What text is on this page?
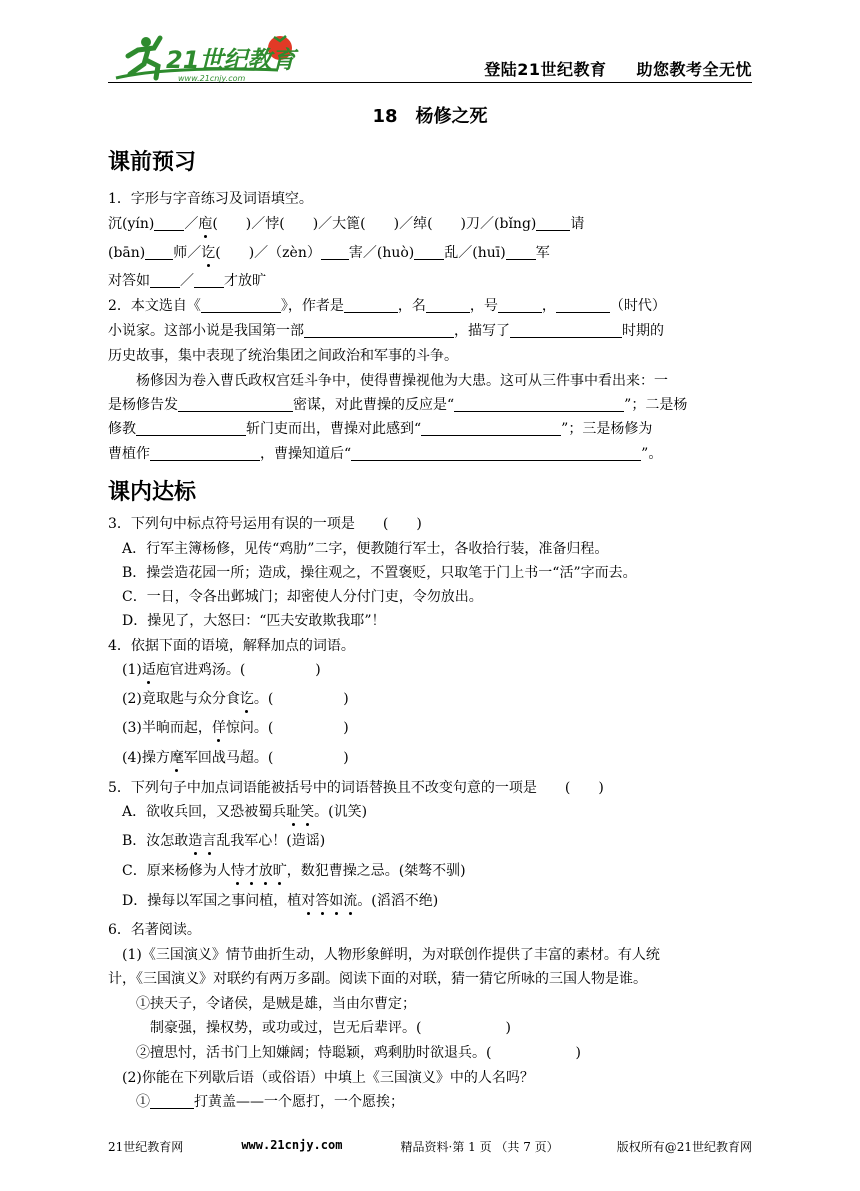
21世纪教育
www.21cnjy.com	登陆21世纪教育 助您教考全无忧
18　杨修之死
课前预习
1．字形与字音练习及词语填空。
沉(yín) ／庖(　　)／悖(　　)／大篦(　　)／绰(　　)刀／(bǐng) 请
(bān) 师／讫(　　)／（zèn） 害／(huò) 乱／(huī) 军
对答如 ／ 才放旷
2．本文选自《	》，作者是	，名	，号	，	（时代）
小说家。这部小说是我国第一部	，描写了	时期的
历史故事，集中表现了统治集团之间政治和军事的斗争。
　　杨修因为卷入曹氏政权宫廷斗争中，使得曹操视他为大患。这可从三件事中看出来：一
是杨修告发	密谋，对此曹操的反应是“	”；二是杨
修教	斩门吏而出，曹操对此感到“	”；三是杨修为
曹植作	，曹操知道后“	”。
课内达标
3．下列句中标点符号运用有误的一项是　　(　　)
A．行军主簿杨修，见传“鸡肋”二字，便教随行军士，各收拾行装，准备归程。
B．操尝造花园一所；造成，操往观之，不置褒贬，只取笔于门上书一“活”字而去。
C．一日，令各出邺城门；却密使人分付门吏，令勿放出。
D．操见了，大怒曰：“匹夫安敢欺我耶”！
4．依据下面的语境，解释加点的词语。
(1)适庖官进鸡汤。(　　　　　)
(2)竟取匙与众分食讫。(　　　　　)
(3)半晌而起，佯惊问。(　　　　　)
(4)操方麾军回战马超。(　　　　　)
5．下列句子中加点词语能被括号中的词语替换且不改变句意的一项是　　(　　)
A．欲收兵回，又恐被蜀兵耻笑。(讥笑)
B．汝怎敢造言乱我军心！(造谣)
C．原来杨修为人恃才放旷，数犯曹操之忌。(桀骜不驯)
D．操每以军国之事问植，植对答如流。(滔滔不绝)
6．名著阅读。
　(1)《三国演义》情节曲折生动，人物形象鲜明，为对联创作提供了丰富的素材。有人统
计，《三国演义》对联约有两万多副。阅读下面的对联，猜一猜它所咏的三国人物是谁。
　　①挟天子，令诸侯，是贼是雄，当由尔曹定；
　　　制豪强，操权势，或功或过，岂无后辈评。(　　　　　　)
　　②擅思忖，活书门上知嫌阔；恃聪颖，鸡剩肋时欲退兵。(　　　　　　)
　(2)你能在下列歇后语（或俗语）中填上《三国演义》中的人名吗？
　　①	打黄盖——一个愿打，一个愿挨；
21世纪教育网	www.21cnjy.com	精品资料·第 1 页 （共 7 页）	版权所有@21世纪教育网
